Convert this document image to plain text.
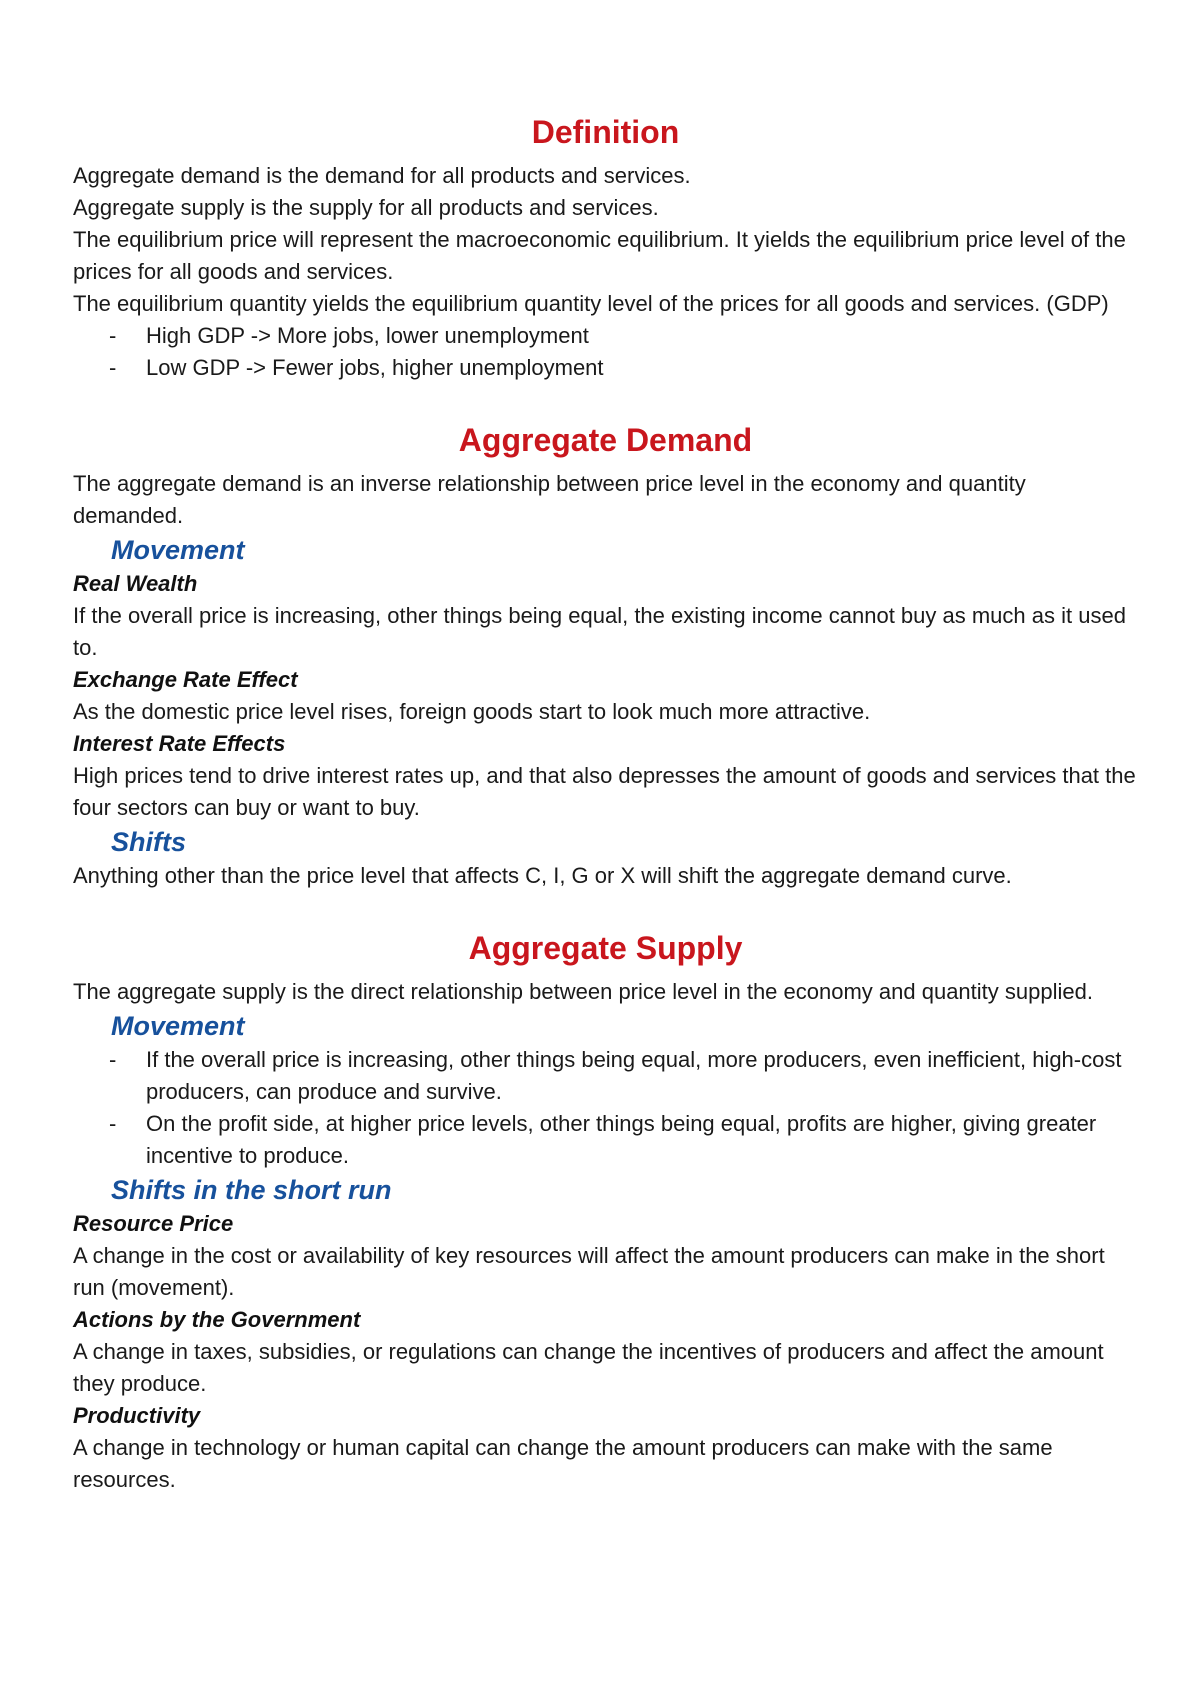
Definition

Aggregate demand is the demand for all products and services.

Aggregate supply is the supply for all products and services.

The equilibrium price will represent the macroeconomic equilibrium. It yields the equilibrium price level of the prices for all goods and services.

The equilibrium quantity yields the equilibrium quantity level of the prices for all goods and services. (GDP)

- High GDP -> More jobs, lower unemployment
- Low GDP -> Fewer jobs, higher unemployment
Aggregate Demand

The aggregate demand is an inverse relationship between price level in the economy and quantity demanded.

Movement
Real Wealth

If the overall price is increasing, other things being equal, the existing income cannot buy as much as it used to.

Exchange Rate Effect

As the domestic price level rises, foreign goods start to look much more attractive.

Interest Rate Effects

High prices tend to drive interest rates up, and that also depresses the amount of goods and services that the four sectors can buy or want to buy.

Shifts

Anything other than the price level that affects C, I, G or X will shift the aggregate demand curve.

Aggregate Supply

The aggregate supply is the direct relationship between price level in the economy and quantity supplied.

Movement
- If the overall price is increasing, other things being equal, more producers, even inefficient, high-cost producers, can produce and survive.
- On the profit side, at higher price levels, other things being equal, profits are higher, giving greater incentive to produce.
Shifts in the short run
Resource Price

A change in the cost or availability of key resources will affect the amount producers can make in the short run (movement).

Actions by the Government

A change in taxes, subsidies, or regulations can change the incentives of producers and affect the amount they produce.

Productivity

A change in technology or human capital can change the amount producers can make with the same resources.
